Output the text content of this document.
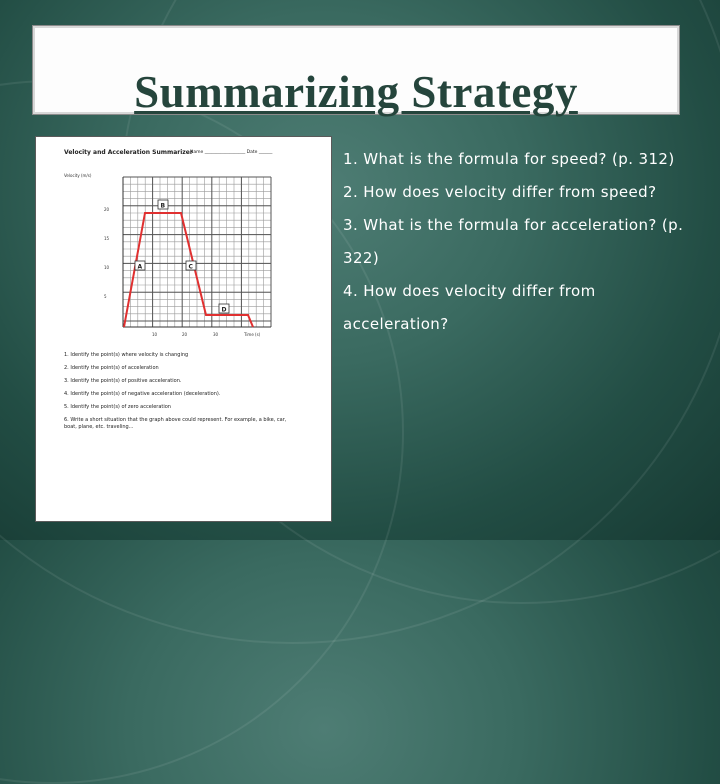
Summarizing Strategy
Velocity and Acceleration Summarizer
Name __________________ Date ______
B
A	C
D
Velocity (m/s)
20
15
10
5
10	20	30	Time (s)
1. Identify the point(s) where velocity is changing
2. Identify the point(s) of acceleration
3. Identify the point(s) of positive acceleration.
4. Identify the point(s) of negative acceleration (deceleration).
5. Identify the point(s) of zero acceleration
6. Write a short situation that the graph above could represent. For example, a bike, car,
boat, plane, etc. traveling...
1. What is the formula for speed? (p. 312)
2. How does velocity differ from speed?
3. What is the formula for acceleration? (p. 322)
4. How does velocity differ from acceleration?
